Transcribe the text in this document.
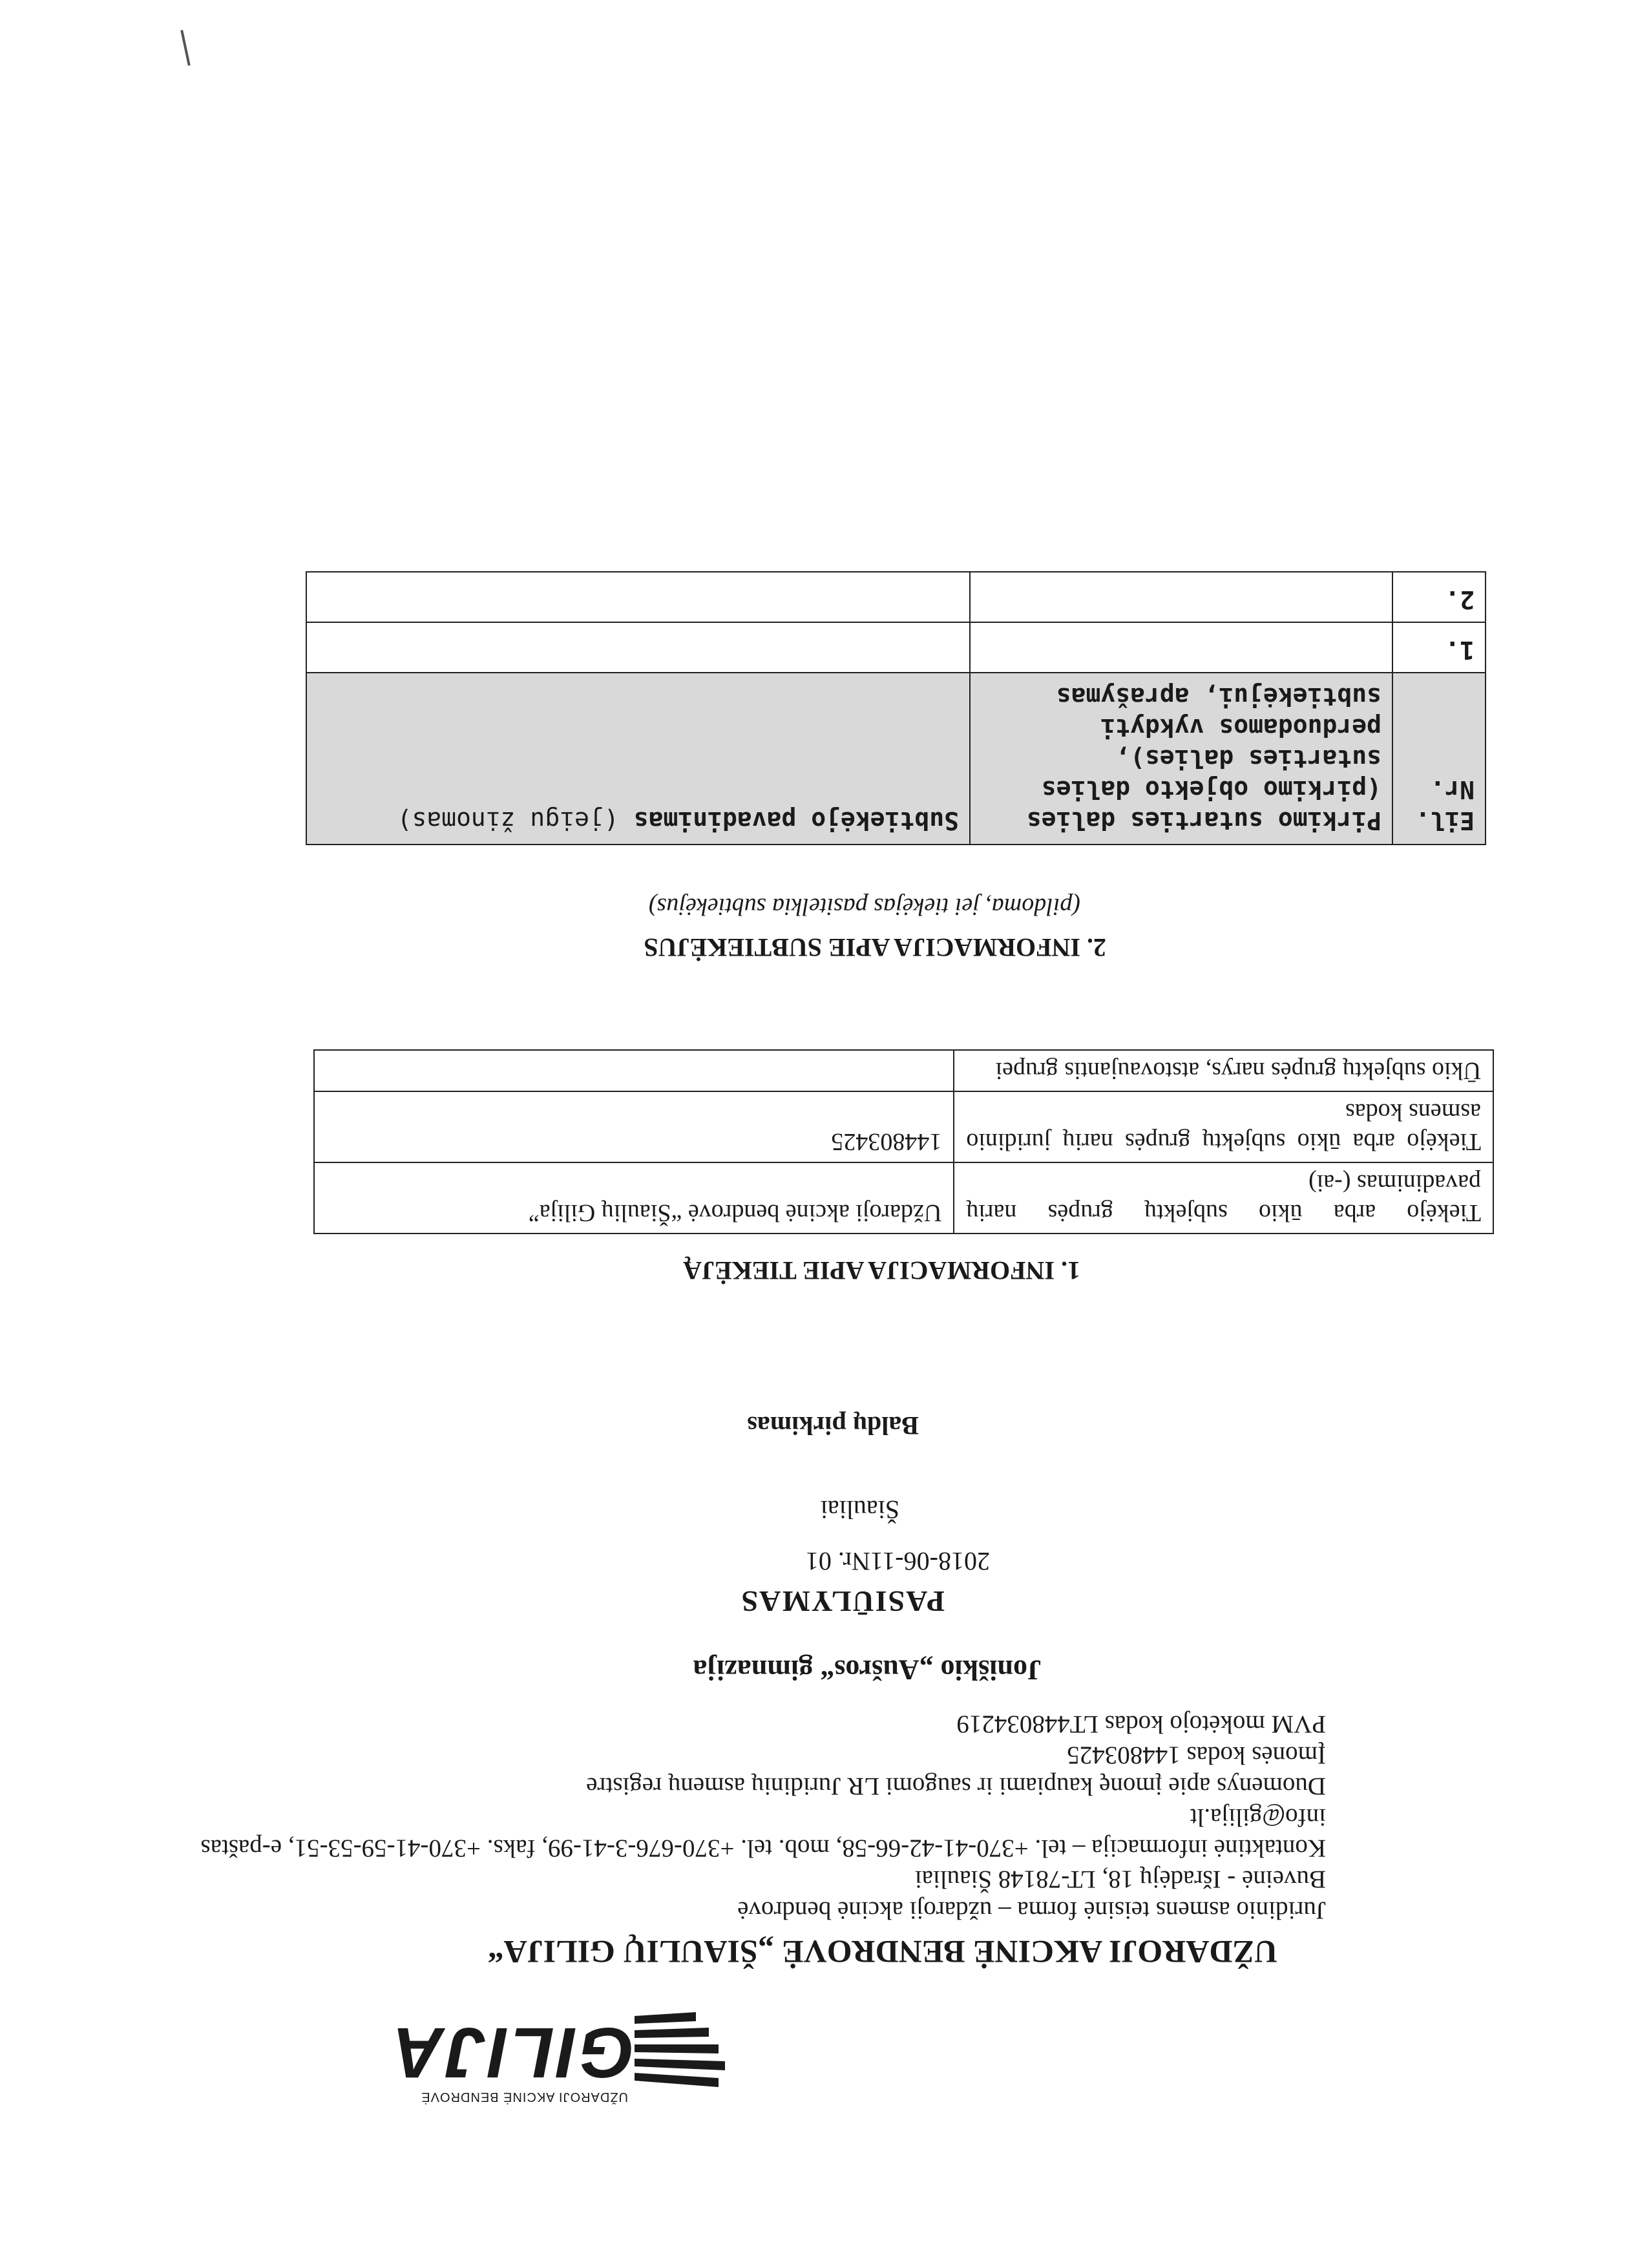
UŽDAROJI AKCINĖ BENDROVĖ
GILIJA
UŽDAROJI AKCINĖ BENDROVĖ „ŠIAULIŲ GILIJA“
Juridinio asmens teisinė forma – uždaroji akcinė bendrovė
Buveinė - Išradėjų 18, LT-78148 Šiauliai
Kontaktinė informacija – tel. +370-41-42-66-58, mob. tel. +370-676-3-41-99, faks. +370-41-59-53-51, e-paštas
info@gilija.lt
Duomenys apie įmonę kaupiami ir saugomi LR Juridinių asmenų registre
Įmonės kodas 144803425
PVM mokėtojo kodas LT448034219
Joniškio „Aušros“ gimnazija
PASIŪLYMAS
2018-06-11Nr. 01
Šiauliai
Baldų pirkimas
1. INFORMACIJA APIE TIEKĖJĄ
Tiekėjo arba ūkio subjektų grupės narių pavadinimas (-ai)	Uždaroji akcinė bendrovė “Šiaulių Gilija”
Tiekėjo arba ūkio subjektų grupės narių juridinio asmens kodas	144803425
Ūkio subjektų grupės narys, atstovaujantis grupei	
2. INFORMACIJA APIE SUBTIEKĖJUS
(pildoma, jei tiekėjas pasitelkia subtiekėjus)
Eil. Nr.	Pirkimo sutarties dalies (pirkimo objekto dalies sutarties dalies), perduodamos vykdyti subtiekėjui, aprašymas	Subtiekėjo pavadinimas (jeigu žinomas)
1.		
2.		
